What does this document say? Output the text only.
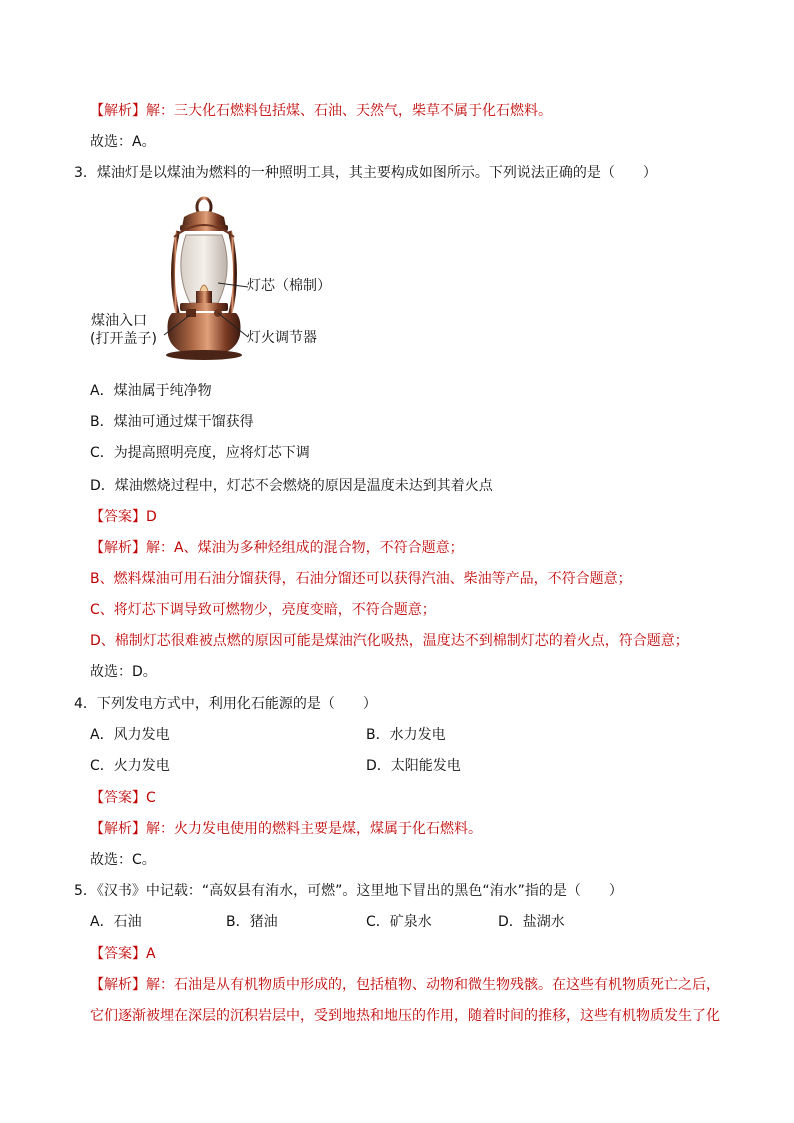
【解析】解：三大化石燃料包括煤、石油、天然气，柴草不属于化石燃料。
故选：A。
3．煤油灯是以煤油为燃料的一种照明工具，其主要构成如图所示。下列说法正确的是（　　）
灯芯（棉制）
煤油入口
(打开盖子)	灯火调节器
A．煤油属于纯净物
B．煤油可通过煤干馏获得
C．为提高照明亮度，应将灯芯下调
D．煤油燃烧过程中，灯芯不会燃烧的原因是温度未达到其着火点
【答案】D
【解析】解：A、煤油为多种烃组成的混合物，不符合题意；
B、燃料煤油可用石油分馏获得，石油分馏还可以获得汽油、柴油等产品，不符合题意；
C、将灯芯下调导致可燃物少，亮度变暗，不符合题意；
D、棉制灯芯很难被点燃的原因可能是煤油汽化吸热，温度达不到棉制灯芯的着火点，符合题意；
故选：D。
4．下列发电方式中，利用化石能源的是（　　）
A．风力发电	B．水力发电
C．火力发电	D．太阳能发电
【答案】C
【解析】解：火力发电使用的燃料主要是煤，煤属于化石燃料。
故选：C。
5．《汉书》中记载：“高奴县有洧水，可燃”。这里地下冒出的黑色“洧水”指的是（　　）
A．石油	B．猪油	C．矿泉水	D．盐湖水
【答案】A
【解析】解：石油是从有机物质中形成的，包括植物、动物和微生物残骸。在这些有机物质死亡之后，
它们逐渐被埋在深层的沉积岩层中，受到地热和地压的作用，随着时间的推移，这些有机物质发生了化
